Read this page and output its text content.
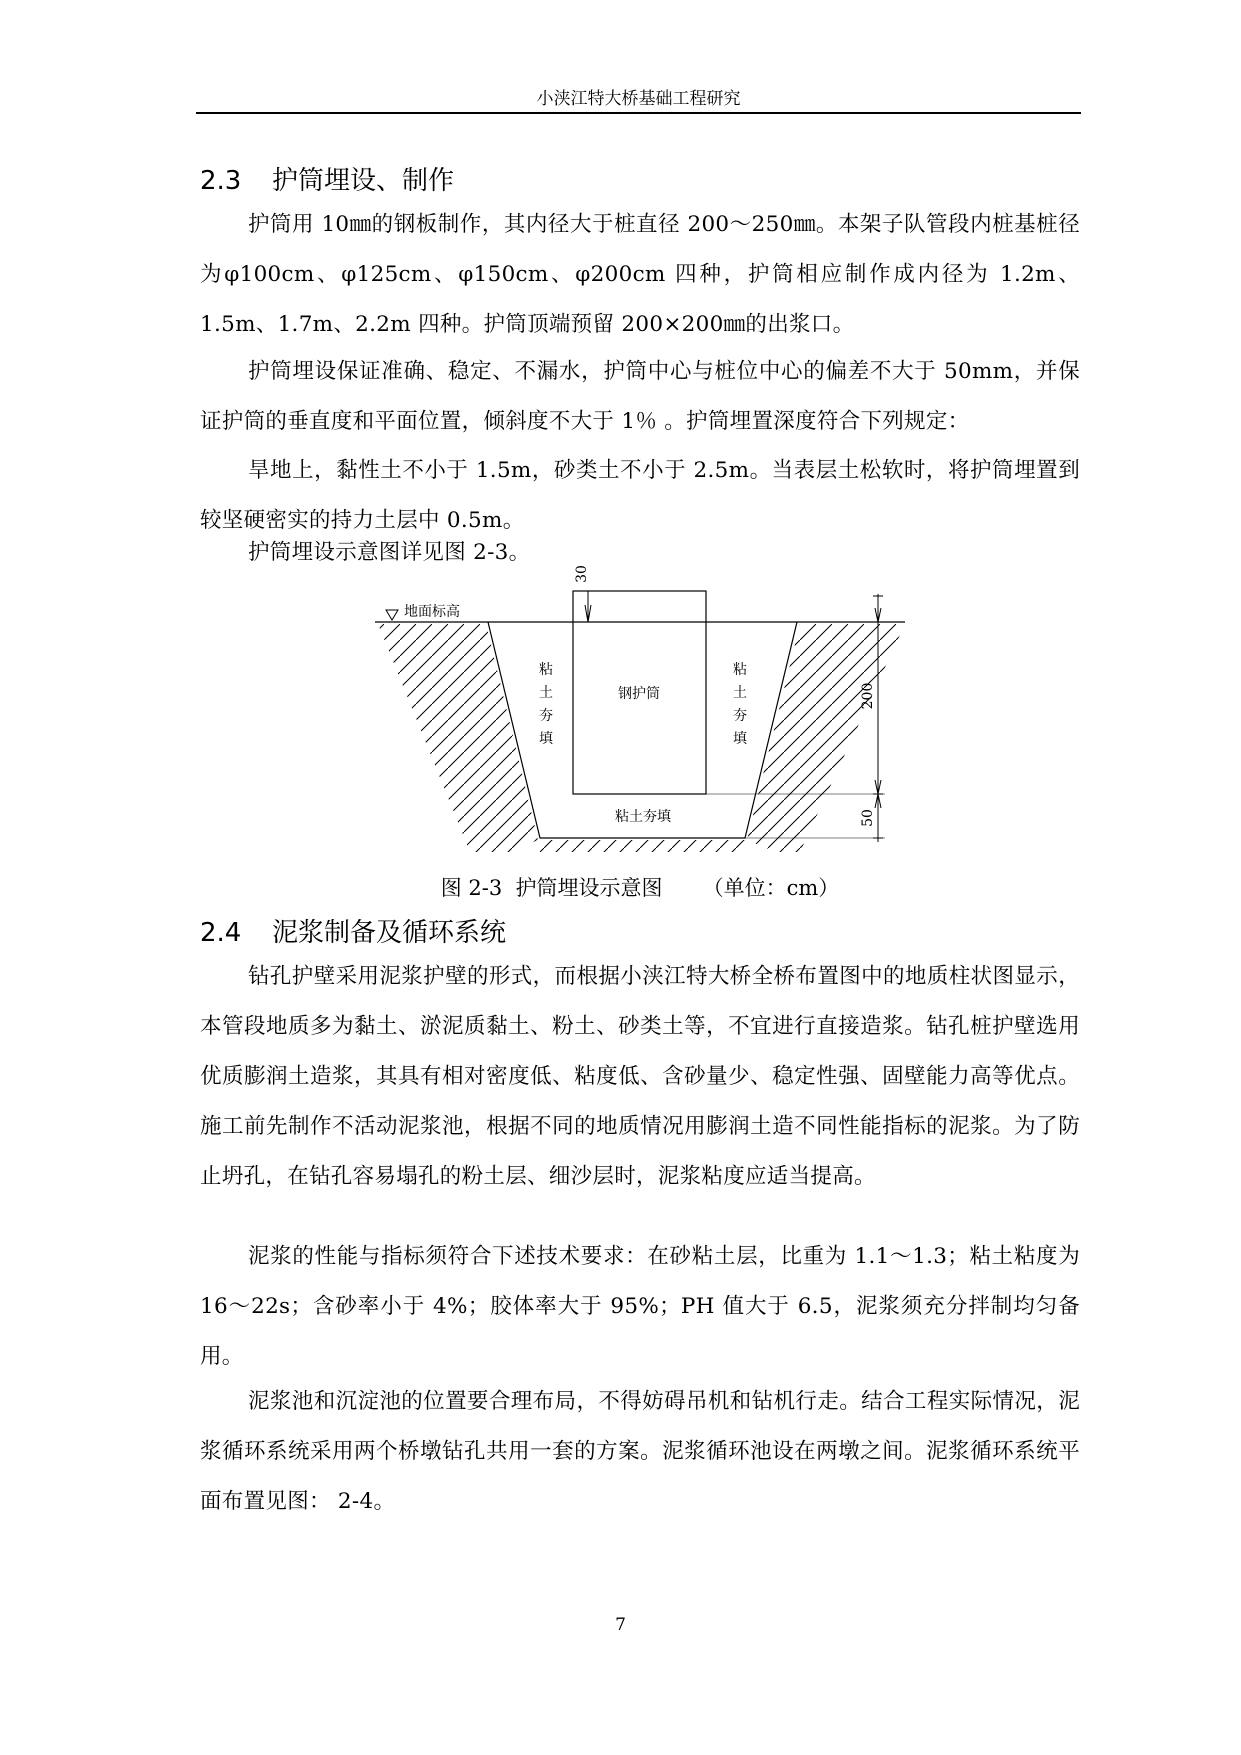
小浃江特大桥基础工程研究
2.3 护筒埋设、制作

护筒用 10㎜的钢板制作，其内径大于桩直径 200～250㎜。本架子队管段内桩基桩径为φ100cm、φ125cm、φ150cm、φ200cm 四种，护筒相应制作成内径为 1.2m、1.5m、1.7m、2.2m 四种。护筒顶端预留 200×200㎜的出浆口。

护筒埋设保证准确、稳定、不漏水，护筒中心与桩位中心的偏差不大于 50mm，并保证护筒的垂直度和平面位置，倾斜度不大于 1％ 。护筒埋置深度符合下列规定：

旱地上，黏性土不小于 1.5m，砂类土不小于 2.5m。当表层土松软时，将护筒埋置到较坚硬密实的持力土层中 0.5m。

护筒埋设示意图详见图 2-3。

地面标高
钢护筒
粘
土
夯
填
粘
土
夯
填
粘土夯填
30
200
50
图 2-3  护筒埋设示意图      （单位：cm）
2.4 泥浆制备及循环系统

钻孔护壁采用泥浆护壁的形式，而根据小浃江特大桥全桥布置图中的地质柱状图显示，本管段地质多为黏土、淤泥质黏土、粉土、砂类土等，不宜进行直接造浆。钻孔桩护壁选用优质膨润土造浆，其具有相对密度低、粘度低、含砂量少、稳定性强、固壁能力高等优点。施工前先制作不活动泥浆池，根据不同的地质情况用膨润土造不同性能指标的泥浆。为了防止坍孔，在钻孔容易塌孔的粉土层、细沙层时，泥浆粘度应适当提高。

泥浆的性能与指标须符合下述技术要求：在砂粘土层，比重为 1.1～1.3；粘土粘度为 16～22s；含砂率小于 4%；胶体率大于 95%；PH 值大于 6.5，泥浆须充分拌制均匀备用。

泥浆池和沉淀池的位置要合理布局，不得妨碍吊机和钻机行走。结合工程实际情况，泥浆循环系统采用两个桥墩钻孔共用一套的方案。泥浆循环池设在两墩之间。泥浆循环系统平面布置见图： 2-4。

7
